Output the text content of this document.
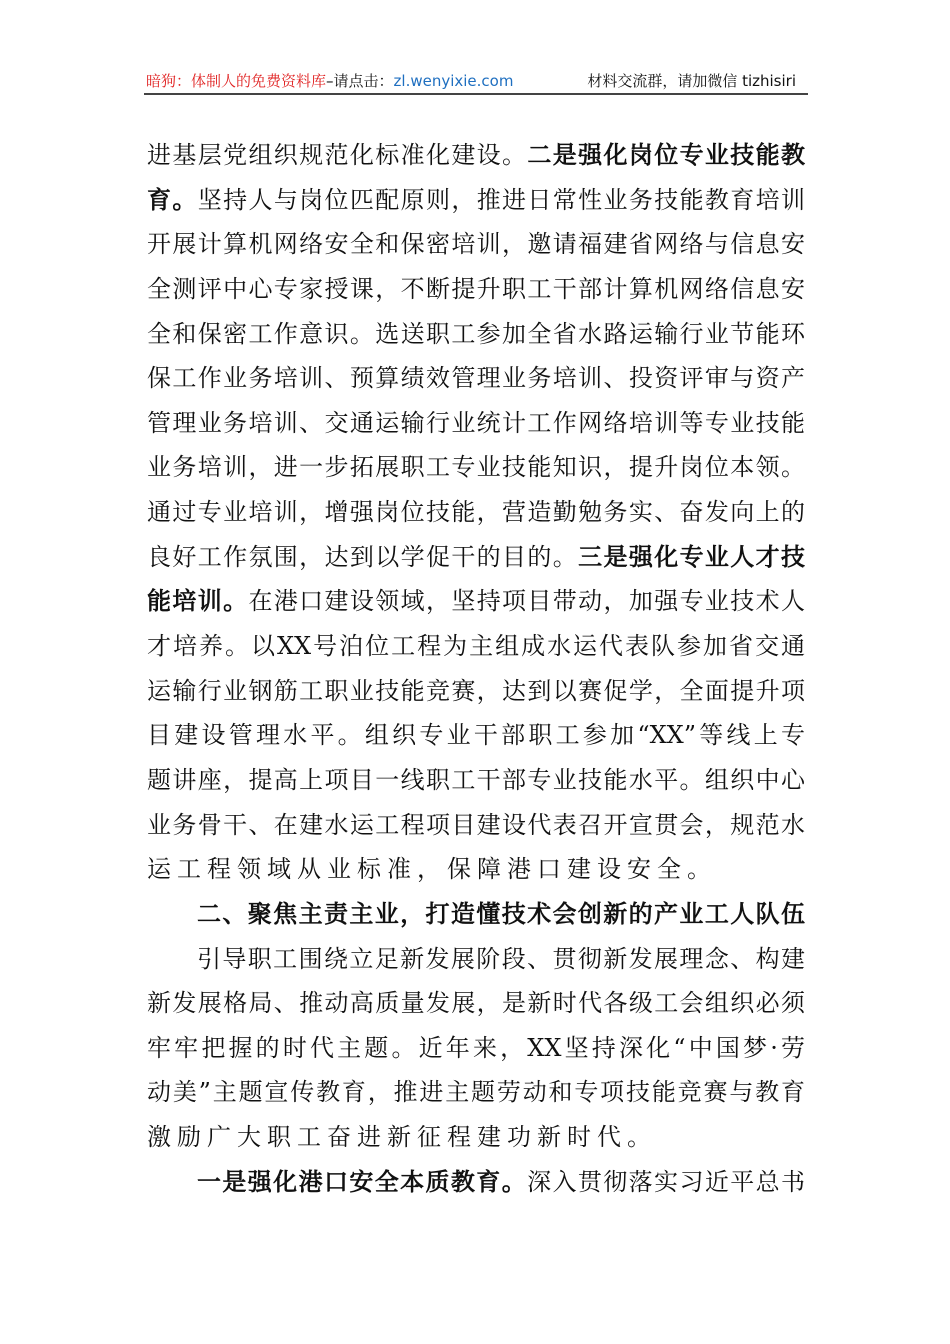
暗狗：体制人的免费资料库–请点击：zl.wenyixie.com	材料交流群，请加微信 tizhisiri
进基层党组织规范化标准化建设。二是强化岗位专业技能教
育。坚持人与岗位匹配原则，推进日常性业务技能教育培训
开展计算机网络安全和保密培训，邀请福建省网络与信息安
全测评中心专家授课，不断提升职工干部计算机网络信息安
全和保密工作意识。选送职工参加全省水路运输行业节能环
保工作业务培训、预算绩效管理业务培训、投资评审与资产
管理业务培训、交通运输行业统计工作网络培训等专业技能
业务培训，进一步拓展职工专业技能知识，提升岗位本领。
通过专业培训，增强岗位技能，营造勤勉务实、奋发向上的
良好工作氛围，达到以学促干的目的。三是强化专业人才技
能培训。在港口建设领域，坚持项目带动，加强专业技术人
才培养。以XX号泊位工程为主组成水运代表队参加省交通
运输行业钢筋工职业技能竞赛，达到以赛促学，全面提升项
目建设管理水平。组织专业干部职工参加“XX”等线上专
题讲座，提高上项目一线职工干部专业技能水平。组织中心
业务骨干、在建水运工程项目建设代表召开宣贯会，规范水
运工程领域从业标准，保障港口建设安全。
二、聚焦主责主业，打造懂技术会创新的产业工人队伍
引导职工围绕立足新发展阶段、贯彻新发展理念、构建
新发展格局、推动高质量发展，是新时代各级工会组织必须
牢牢把握的时代主题。近年来，XX坚持深化“中国梦·劳
动美”主题宣传教育，推进主题劳动和专项技能竞赛与教育
激励广大职工奋进新征程建功新时代。
一是强化港口安全本质教育。深入贯彻落实习近平总书
